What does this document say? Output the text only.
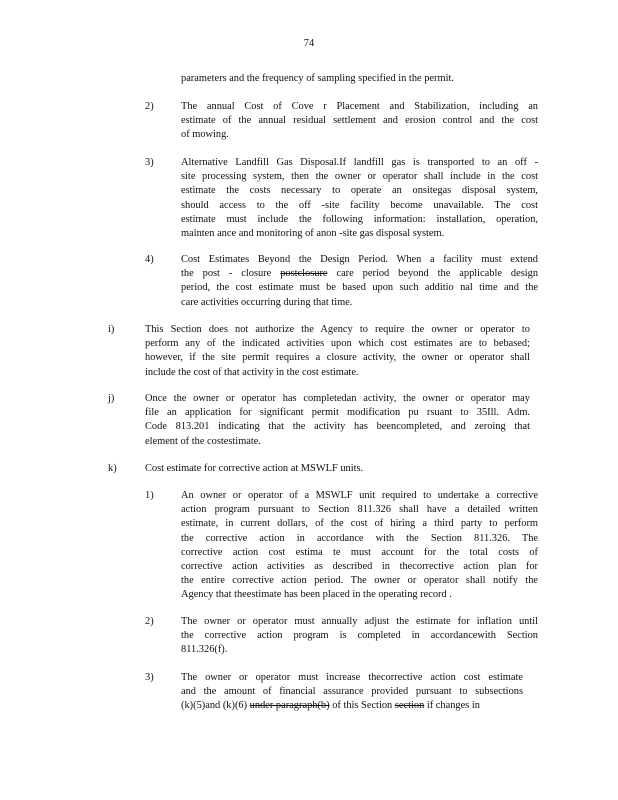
74
parameters and the frequency of sampling specified in the permit.
2)	The annual Cost of Cove r Placement and Stabilization, including an
estimate of the annual residual settlement and erosion control and the cost
of mowing.
3)	Alternative Landfill Gas Disposal.If landfill gas is transported to an off -
site processing system, then the owner or operator shall include in the cost
estimate the costs necessary to operate an onsitegas disposal system,
should access to the off -site facility become unavailable. The cost
estimate must include the following information: installation, operation,
mainten ance and monitoring of anon -site gas disposal system.
4)	Cost Estimates Beyond the Design Period. When a facility must extend
the post - closure postclosure care period beyond the applicable design
period, the cost estimate must be based upon such additio nal time and the
care activities occurring during that time.
i)	This Section does not authorize the Agency to require the owner or operator to
perform any of the indicated activities upon which cost estimates are to bebased;
however, if the site permit requires a closure activity, the owner or operator shall
include the cost of that activity in the cost estimate.
j)	Once the owner or operator has completedan activity, the owner or operator may
file an application for significant permit modification pu rsuant to 35Ill. Adm.
Code 813.201 indicating that the activity has beencompleted, and zeroing that
element of the costestimate.
k)	Cost estimate for corrective action at MSWLF units.
1)	An owner or operator of a MSWLF unit required to undertake a corrective
action program pursuant to Section 811.326 shall have a detailed written
estimate, in current dollars, of the cost of hiring a third party to perform
the corrective action in accordance with the Section 811.326. The
corrective action cost estima te must account for the total costs of
corrective action activities as described in thecorrective action plan for
the entire corrective action period. The owner or operator shall notify the
Agency that theestimate has been placed in the operating record .
2)	The owner or operator must annually adjust the estimate for inflation until
the corrective action program is completed in accordancewith Section
811.326(f).
3)	The owner or operator must increase thecorrective action cost estimate
and the amount of financial assurance provided pursuant to subsections
(k)(5)and (k)(6) under paragraph(b) of this Section section if changes in
